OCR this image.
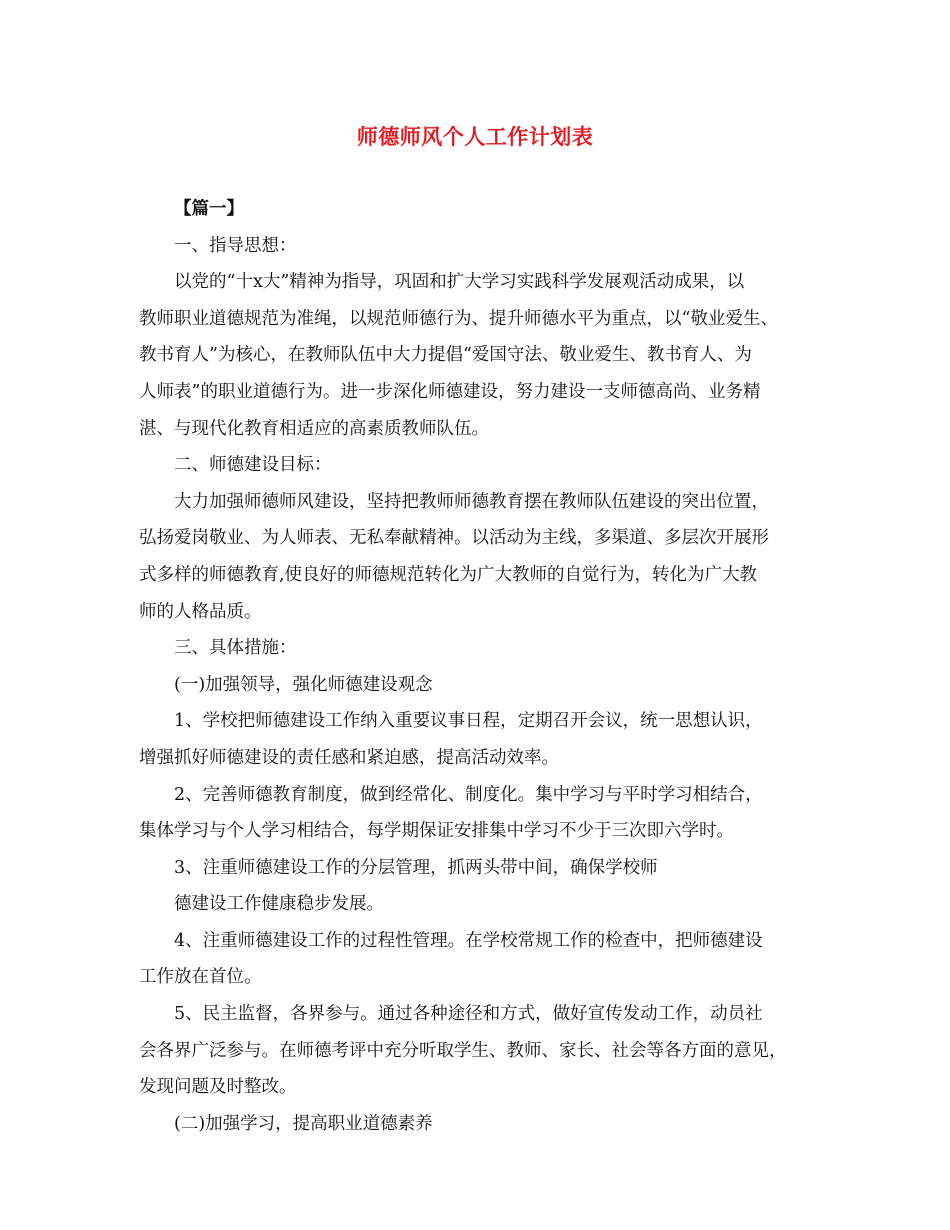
师德师风个人工作计划表
【篇一】
一、指导思想：
以党的“十x大”精神为指导，巩固和扩大学习实践科学发展观活动成果，以
教师职业道德规范为准绳，以规范师德行为、提升师德水平为重点，以“敬业爱生、
教书育人”为核心，在教师队伍中大力提倡“爱国守法、敬业爱生、教书育人、为
人师表”的职业道德行为。进一步深化师德建设，努力建设一支师德高尚、业务精
湛、与现代化教育相适应的高素质教师队伍。
二、师德建设目标：
大力加强师德师风建设，坚持把教师师德教育摆在教师队伍建设的突出位置，
弘扬爱岗敬业、为人师表、无私奉献精神。以活动为主线，多渠道、多层次开展形
式多样的师德教育,使良好的师德规范转化为广大教师的自觉行为，转化为广大教
师的人格品质。
三、具体措施：
(一)加强领导，强化师德建设观念
1、学校把师德建设工作纳入重要议事日程，定期召开会议，统一思想认识，
增强抓好师德建设的责任感和紧迫感，提高活动效率。
2、完善师德教育制度，做到经常化、制度化。集中学习与平时学习相结合，
集体学习与个人学习相结合，每学期保证安排集中学习不少于三次即六学时。
3、注重师德建设工作的分层管理，抓两头带中间，确保学校师
德建设工作健康稳步发展。
4、注重师德建设工作的过程性管理。在学校常规工作的检查中，把师德建设
工作放在首位。
5、民主监督，各界参与。通过各种途径和方式，做好宣传发动工作，动员社
会各界广泛参与。在师德考评中充分听取学生、教师、家长、社会等各方面的意见，
发现问题及时整改。
(二)加强学习，提高职业道德素养
